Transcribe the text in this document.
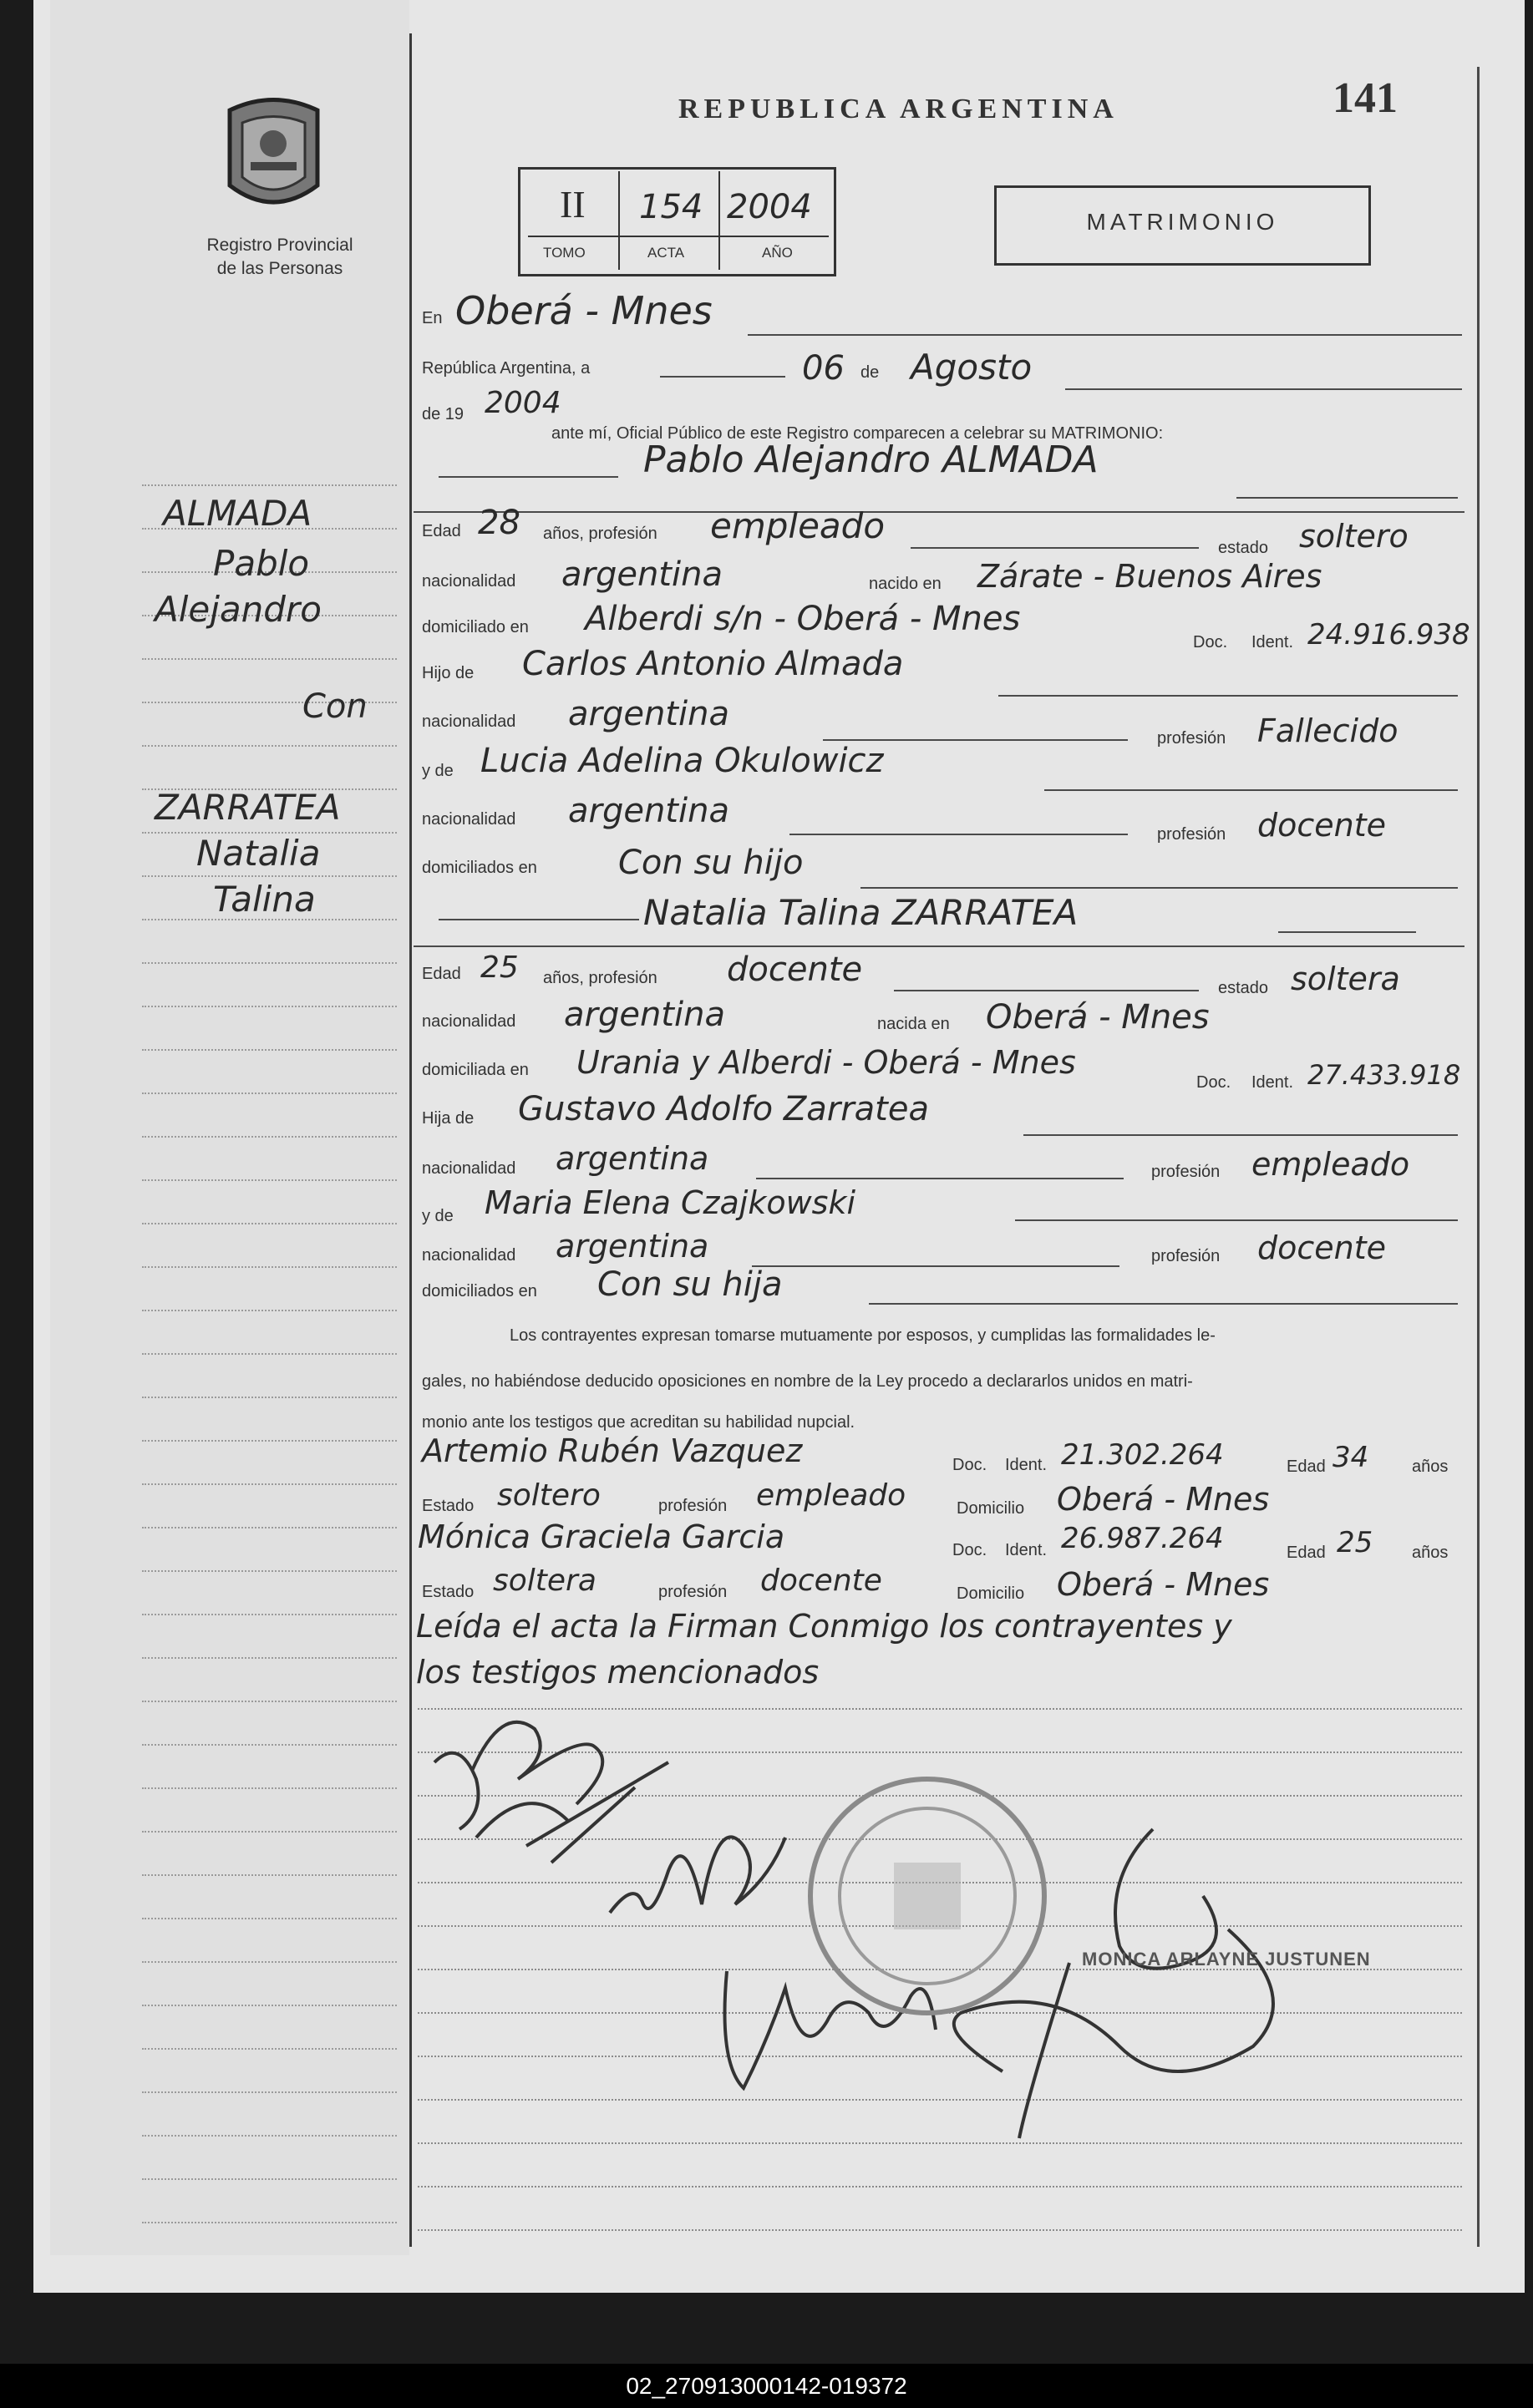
Registro Provincial
de las Personas
REPUBLICA ARGENTINA	141
II 154 2004
TOMO	ACTA	AÑO
MATRIMONIO
ALMADA
Pablo
Alejandro
Con
ZARRATEA
Natalia
Talina
En Oberá - Mnes
República Argentina, a	06 de Agosto
de 19 2004
ante mí, Oficial Público de este Registro comparecen a celebrar su MATRIMONIO:
Pablo Alejandro ALMADA
Edad 28 años, profesión empleado
estado soltero
nacionalidad argentina	nacido en Zárate - Buenos Aires
domiciliado en Alberdi s/n - Oberá - Mnes
Doc. Ident. 24.916.938
Hijo de Carlos Antonio Almada
nacionalidad argentina
profesión Fallecido
y de Lucia Adelina Okulowicz
nacionalidad argentina
profesión docente
domiciliados en Con su hijo
Natalia Talina ZARRATEA
Edad 25 años, profesión docente	estado soltera
nacionalidad argentina	nacida en Oberá - Mnes
domiciliada en Urania y Alberdi - Oberá - Mnes
Doc. Ident. 27.433.918
Hija de Gustavo Adolfo Zarratea
nacionalidad argentina	profesión empleado
y de Maria Elena Czajkowski
nacionalidad argentina	profesión docente
domiciliados en Con su hija
Los contrayentes expresan tomarse mutuamente por esposos, y cumplidas las formalidades le-
gales, no habiéndose deducido oposiciones en nombre de la Ley procedo a declararlos unidos en matri-
monio ante los testigos que acreditan su habilidad nupcial.
Artemio Rubén Vazquez	Doc. Ident. 21.302.264	Edad 34	años
Estado soltero	profesión empleado	Domicilio Oberá - Mnes
Mónica Graciela Garcia	Doc. Ident. 26.987.264	Edad 25 años
Estado soltera	profesión docente	Domicilio Oberá - Mnes
Leída el acta la Firman Conmigo los contrayentes y
los testigos mencionados
MONICA ARLAYNE JUSTUNEN
02_270913000142-019372
